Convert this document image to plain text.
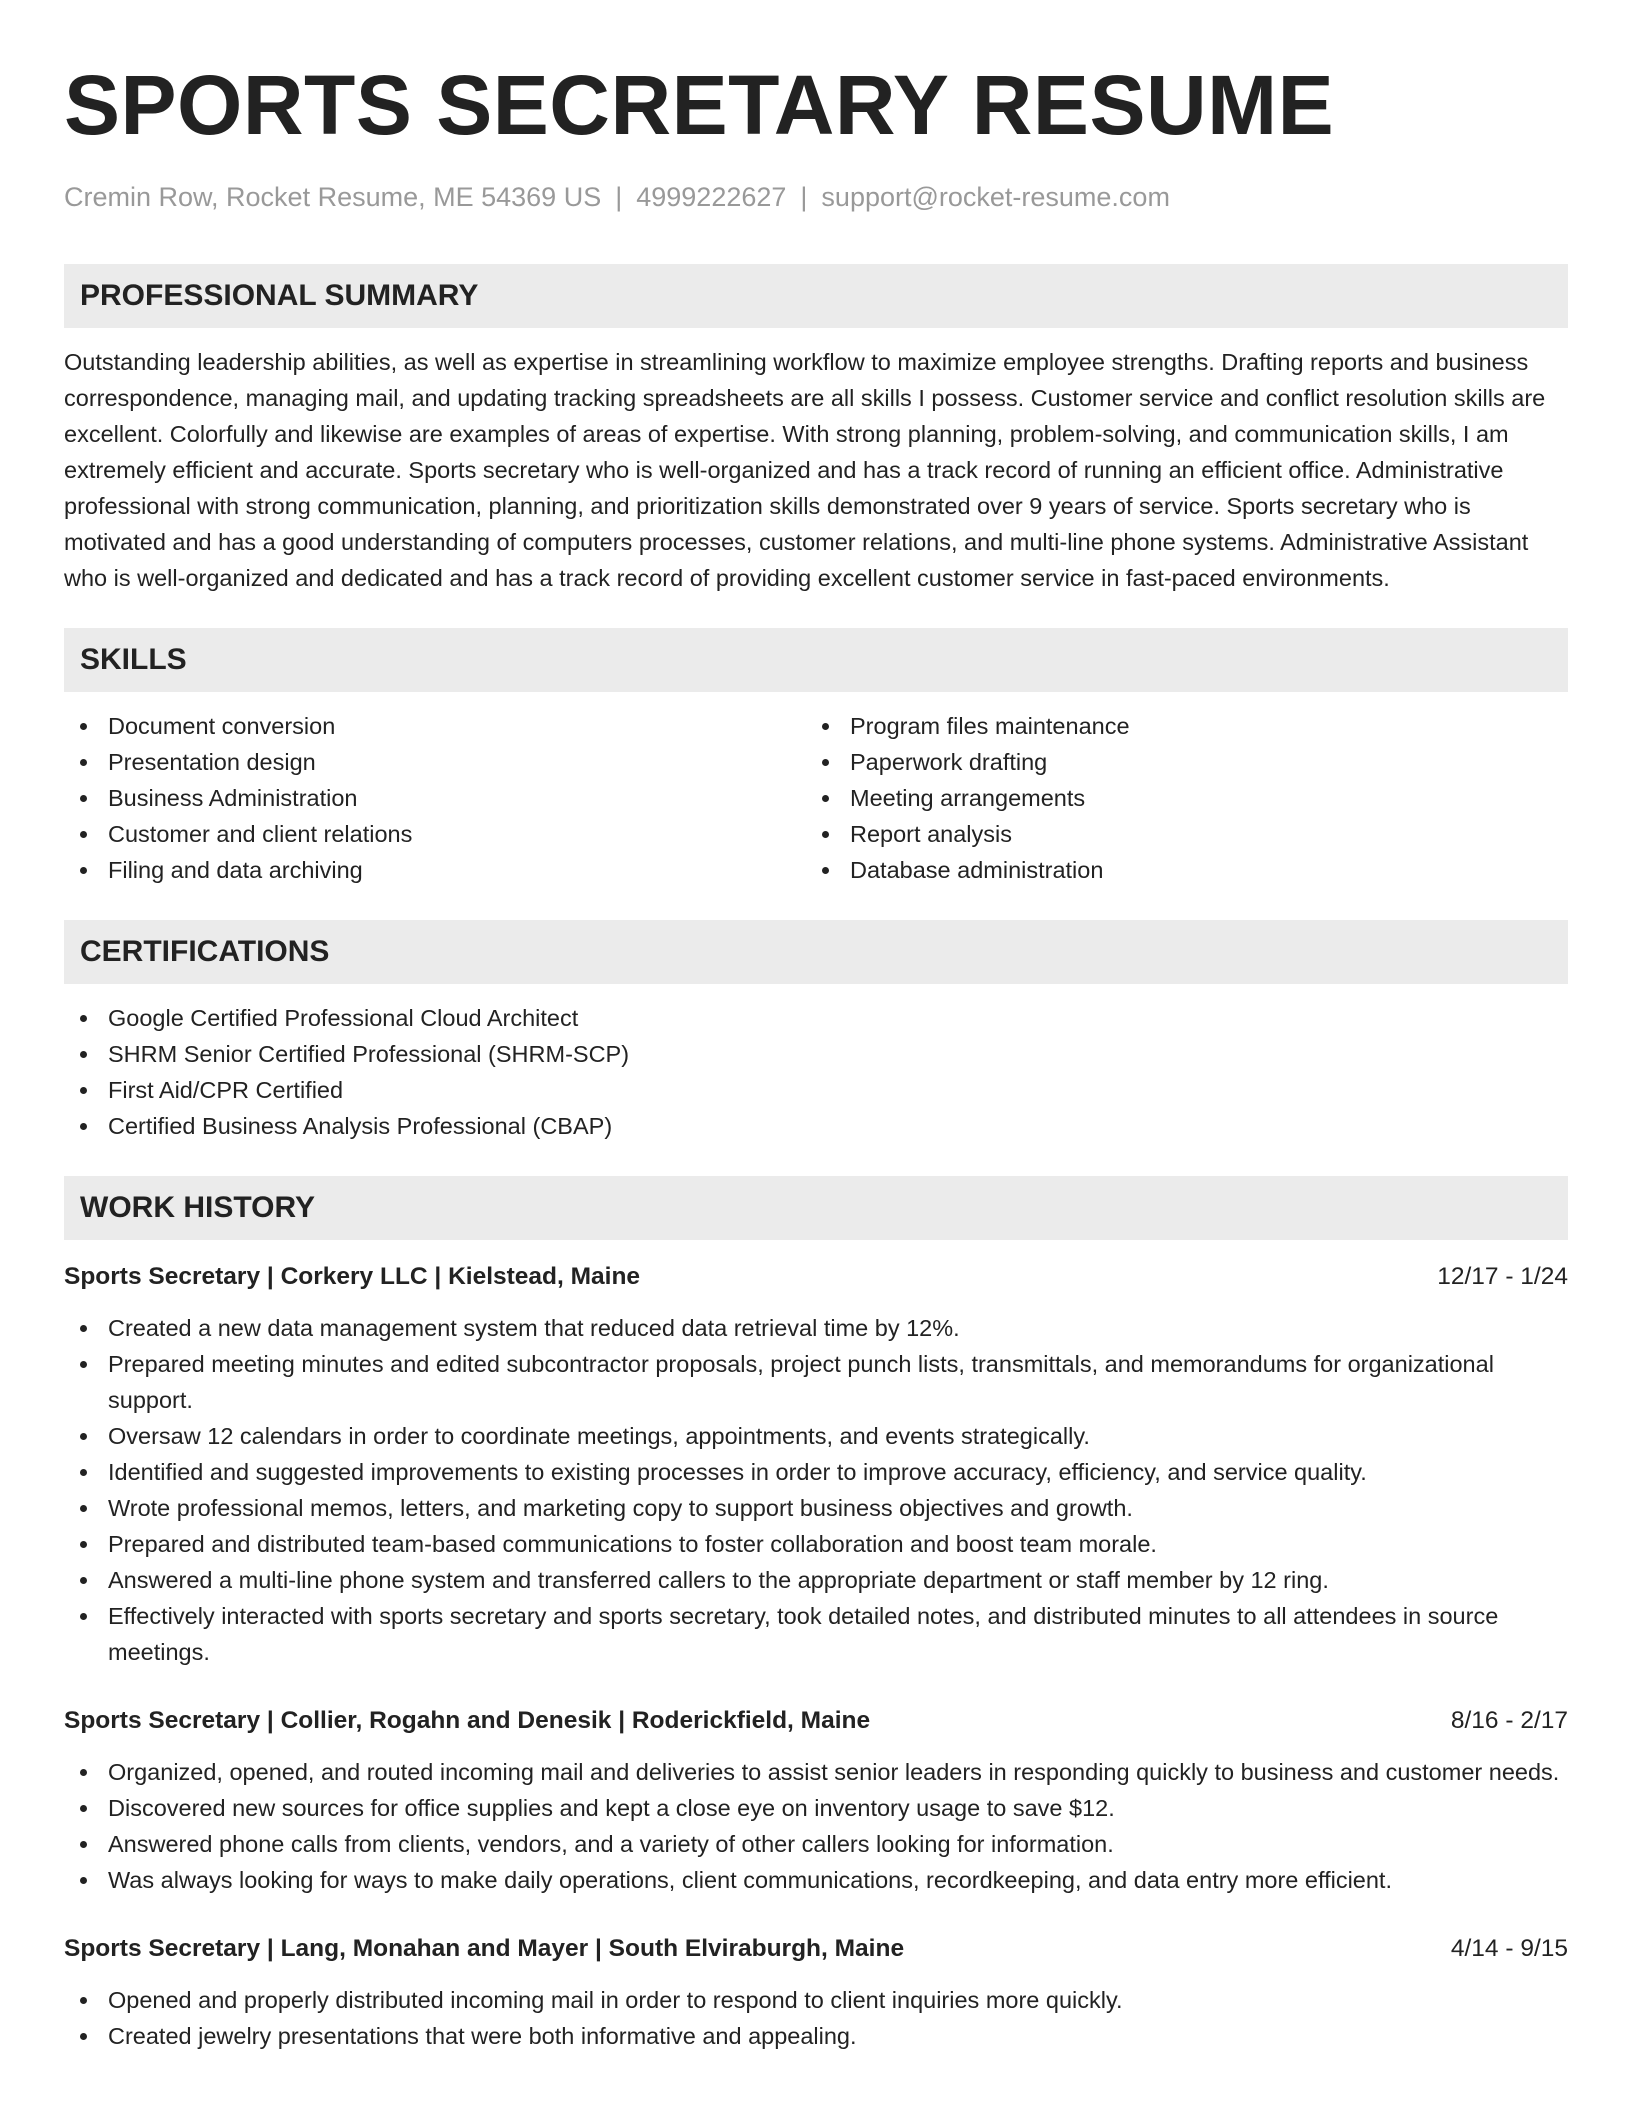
SPORTS SECRETARY RESUME
Cremin Row, Rocket Resume, ME 54369 US | 4999222627 | support@rocket-resume.com
PROFESSIONAL SUMMARY

Outstanding leadership abilities, as well as expertise in streamlining workflow to maximize employee strengths. Drafting reports and business correspondence, managing mail, and updating tracking spreadsheets are all skills I possess. Customer service and conflict resolution skills are excellent. Colorfully and likewise are examples of areas of expertise. With strong planning, problem-solving, and communication skills, I am extremely efficient and accurate. Sports secretary who is well-organized and has a track record of running an efficient office. Administrative professional with strong communication, planning, and prioritization skills demonstrated over 9 years of service. Sports secretary who is motivated and has a good understanding of computers processes, customer relations, and multi-line phone systems. Administrative Assistant who is well-organized and dedicated and has a track record of providing excellent customer service in fast-paced environments.

SKILLS
Document conversion
Presentation design
Business Administration
Customer and client relations
Filing and data archiving
Program files maintenance
Paperwork drafting
Meeting arrangements
Report analysis
Database administration
CERTIFICATIONS
Google Certified Professional Cloud Architect
SHRM Senior Certified Professional (SHRM-SCP)
First Aid/CPR Certified
Certified Business Analysis Professional (CBAP)
WORK HISTORY
Sports Secretary | Corkery LLC | Kielstead, Maine	12/17 - 1/24
Created a new data management system that reduced data retrieval time by 12%.
Prepared meeting minutes and edited subcontractor proposals, project punch lists, transmittals, and memorandums for organizational support.
Oversaw 12 calendars in order to coordinate meetings, appointments, and events strategically.
Identified and suggested improvements to existing processes in order to improve accuracy, efficiency, and service quality.
Wrote professional memos, letters, and marketing copy to support business objectives and growth.
Prepared and distributed team-based communications to foster collaboration and boost team morale.
Answered a multi-line phone system and transferred callers to the appropriate department or staff member by 12 ring.
Effectively interacted with sports secretary and sports secretary, took detailed notes, and distributed minutes to all attendees in source meetings.
Sports Secretary | Collier, Rogahn and Denesik | Roderickfield, Maine	8/16 - 2/17
Organized, opened, and routed incoming mail and deliveries to assist senior leaders in responding quickly to business and customer needs.
Discovered new sources for office supplies and kept a close eye on inventory usage to save $12.
Answered phone calls from clients, vendors, and a variety of other callers looking for information.
Was always looking for ways to make daily operations, client communications, recordkeeping, and data entry more efficient.
Sports Secretary | Lang, Monahan and Mayer | South Elviraburgh, Maine	4/14 - 9/15
Opened and properly distributed incoming mail in order to respond to client inquiries more quickly.
Created jewelry presentations that were both informative and appealing.
